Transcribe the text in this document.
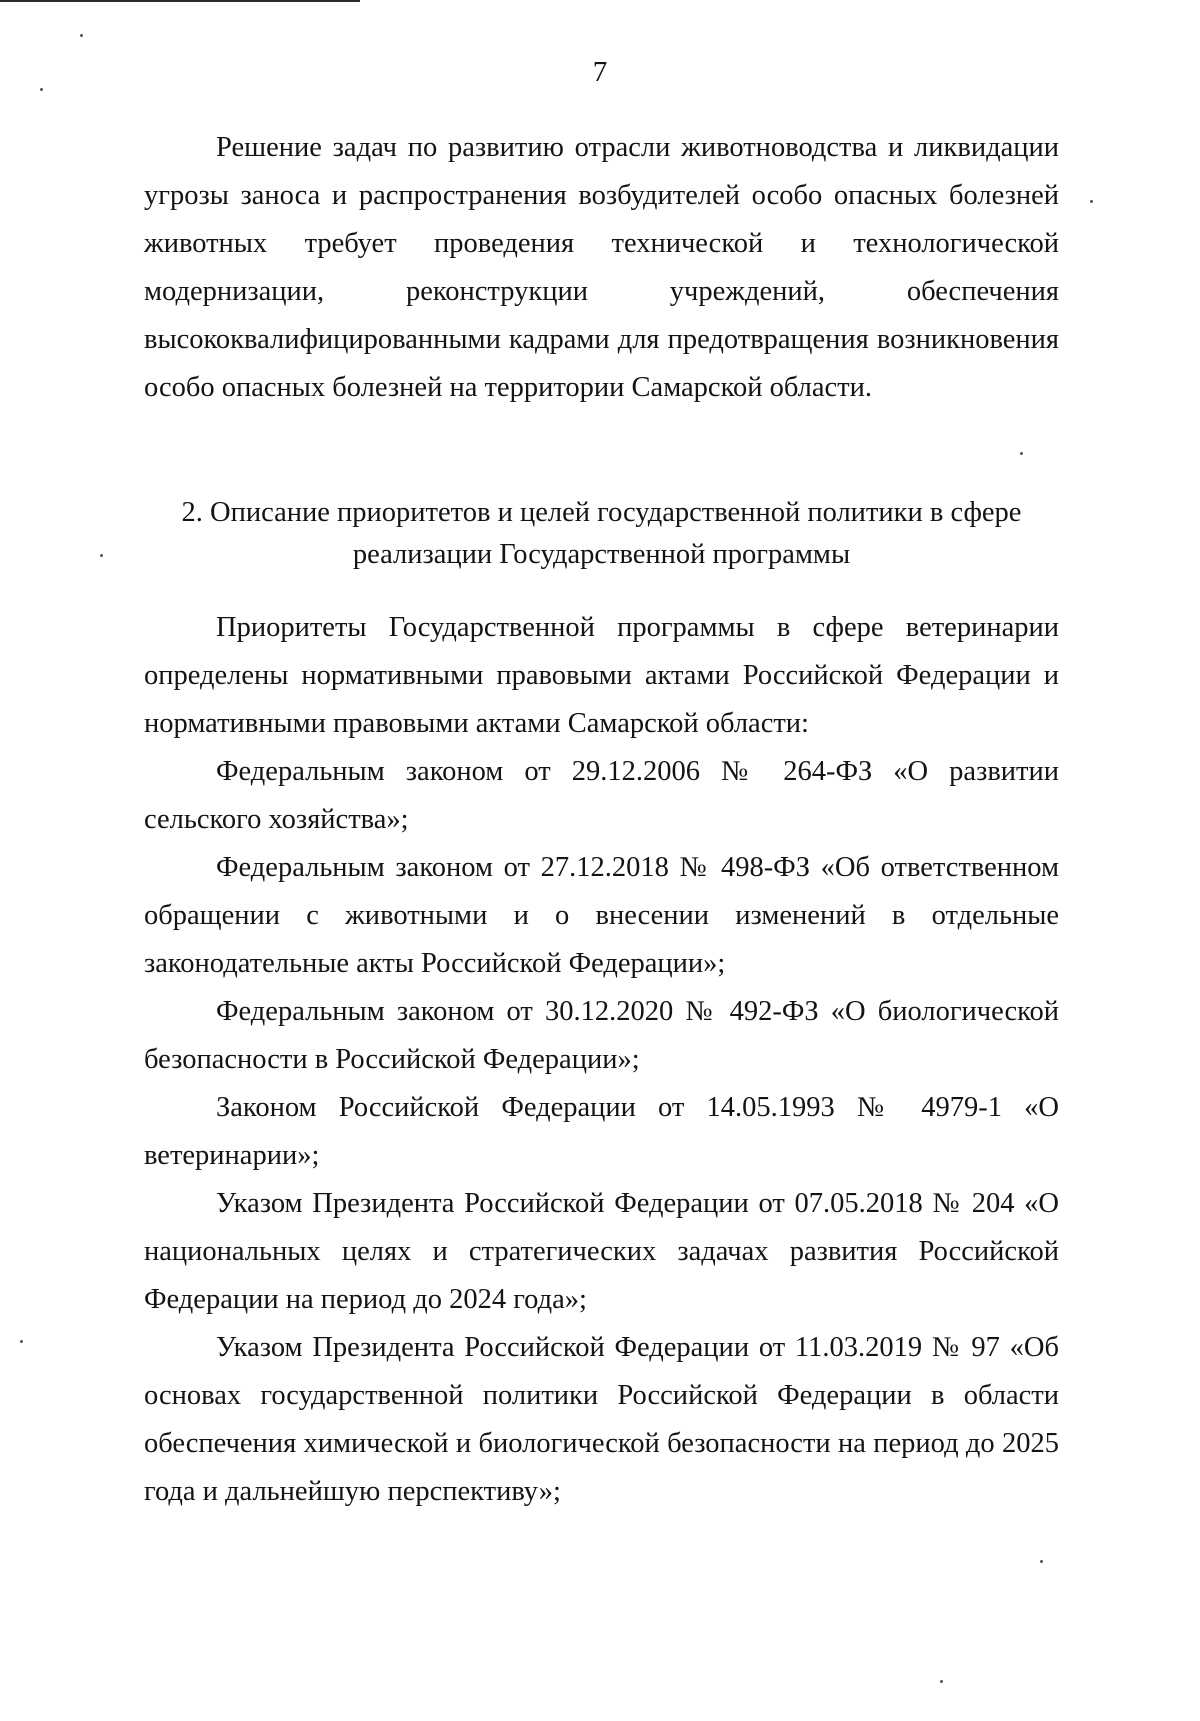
7

Решение задач по развитию отрасли животноводства и ликвидации угрозы заноса и распространения возбудителей особо опасных болезней животных требует проведения технической и технологической модернизации, реконструкции учреждений, обеспечения высококвалифицированными кадрами для предотвращения возникновения особо опасных болезней на территории Самарской области.

2. Описание приоритетов и целей государственной политики в сфере
реализации Государственной программы

Приоритеты Государственной программы в сфере ветеринарии определены нормативными правовыми актами Российской Федерации и нормативными правовыми актами Самарской области:

Федеральным законом от 29.12.2006 № 264-ФЗ «О развитии сельского хозяйства»;

Федеральным законом от 27.12.2018 № 498-ФЗ «Об ответственном обращении с животными и о внесении изменений в отдельные законодательные акты Российской Федерации»;

Федеральным законом от 30.12.2020 № 492-ФЗ «О биологической безопасности в Российской Федерации»;

Законом Российской Федерации от 14.05.1993 № 4979-1 «О ветеринарии»;

Указом Президента Российской Федерации от 07.05.2018 № 204 «О национальных целях и стратегических задачах развития Российской Федерации на период до 2024 года»;

Указом Президента Российской Федерации от 11.03.2019 № 97 «Об основах государственной политики Российской Федерации в области обеспечения химической и биологической безопасности на период до 2025 года и дальнейшую перспективу»;
